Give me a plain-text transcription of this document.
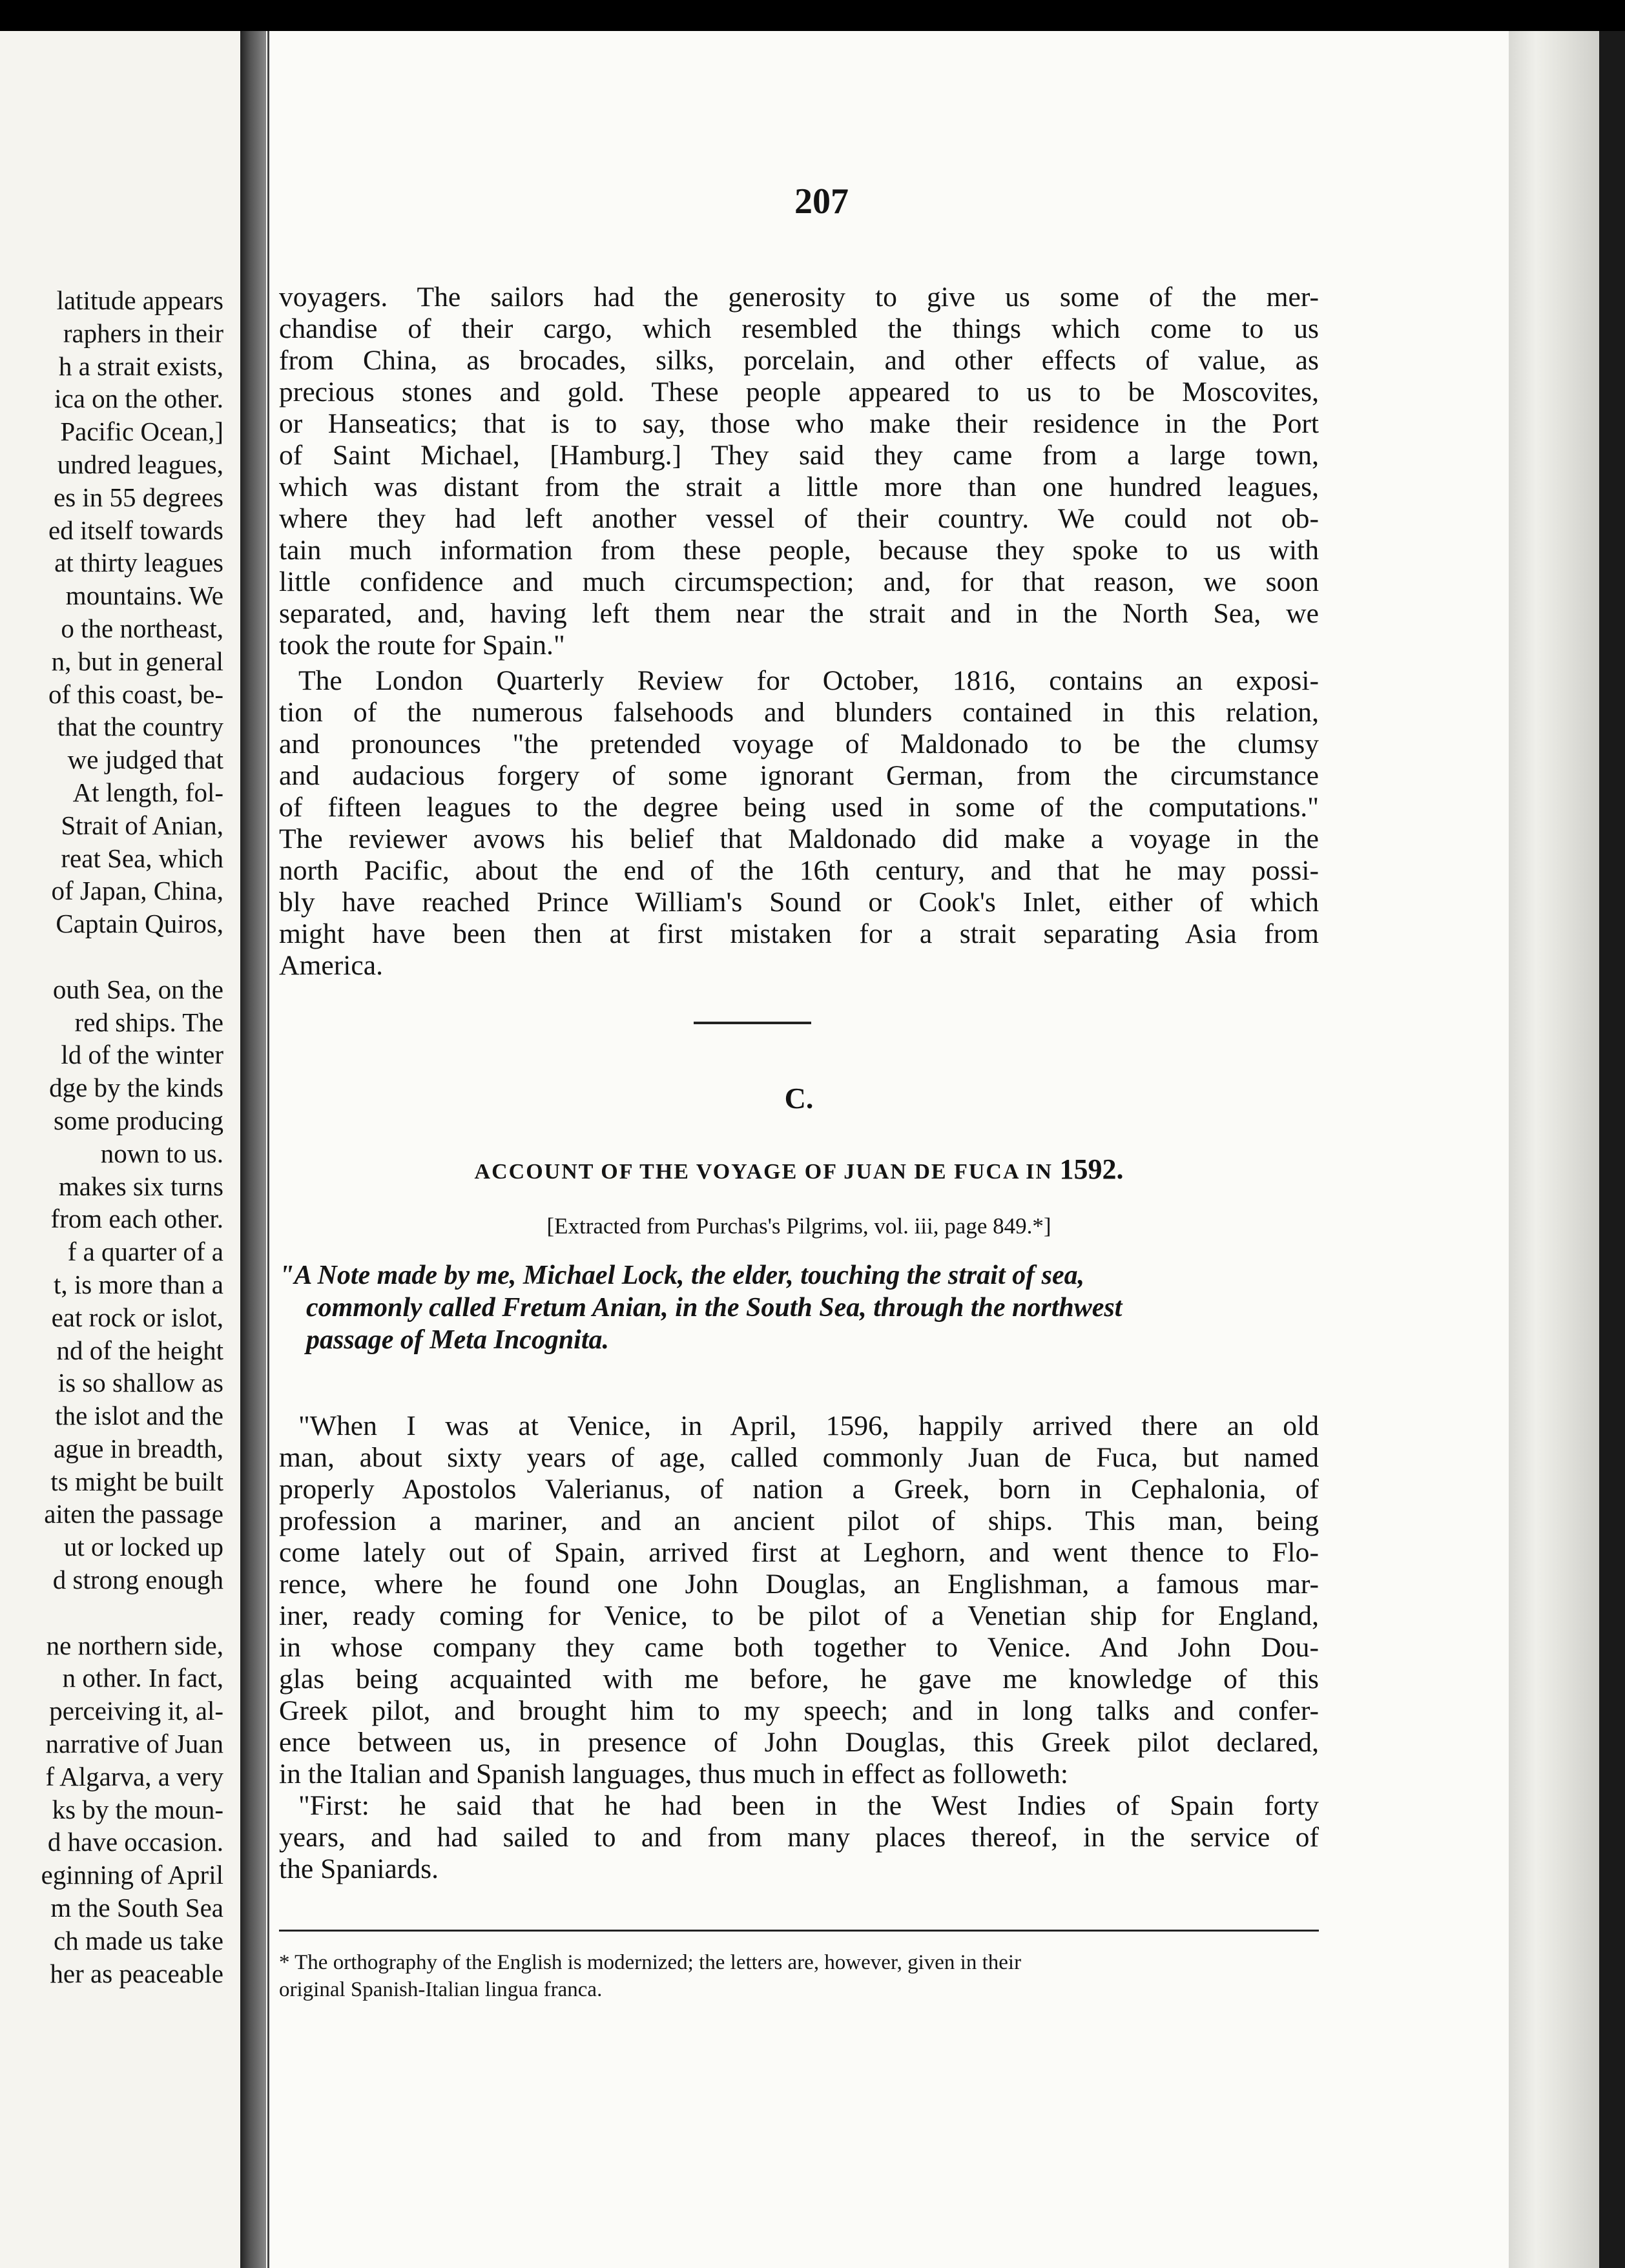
latitude appears
raphers in their
h a strait exists,
ica on the other.
Pacific Ocean,]
undred leagues,
es in 55 degrees
ed itself towards
at thirty leagues
mountains. We
o the northeast,
n, but in general
of this coast, be-
that the country
we judged that
At length, fol-
Strait of Anian,
reat Sea, which
of Japan, China,
Captain Quiros,
outh Sea, on the
red ships. The
ld of the winter
dge by the kinds
some producing
nown to us.
makes six turns
from each other.
f a quarter of a
t, is more than a
eat rock or islot,
nd of the height
is so shallow as
the islot and the
ague in breadth,
ts might be built
aiten the passage
ut or locked up
d strong enough
ne northern side,
n other. In fact,
perceiving it, al-
narrative of Juan
f Algarva, a very
ks by the moun-
d have occasion.
eginning of April
m the South Sea
ch made us take
her as peaceable
207
voyagers. The sailors had the generosity to give us some of the mer-
chandise of their cargo, which resembled the things which come to us
from China, as brocades, silks, porcelain, and other effects of value, as
precious stones and gold. These people appeared to us to be Moscovites,
or Hanseatics; that is to say, those who make their residence in the Port
of Saint Michael, [Hamburg.] They said they came from a large town,
which was distant from the strait a little more than one hundred leagues,
where they had left another vessel of their country. We could not ob-
tain much information from these people, because they spoke to us with
little confidence and much circumspection; and, for that reason, we soon
separated, and, having left them near the strait and in the North Sea, we
took the route for Spain."
The London Quarterly Review for October, 1816, contains an exposi-
tion of the numerous falsehoods and blunders contained in this relation,
and pronounces "the pretended voyage of Maldonado to be the clumsy
and audacious forgery of some ignorant German, from the circumstance
of fifteen leagues to the degree being used in some of the computations."
The reviewer avows his belief that Maldonado did make a voyage in the
north Pacific, about the end of the 16th century, and that he may possi-
bly have reached Prince William's Sound or Cook's Inlet, either of which
might have been then at first mistaken for a strait separating Asia from
America.
C.
ACCOUNT OF THE VOYAGE OF JUAN DE FUCA IN 1592.
[Extracted from Purchas's Pilgrims, vol. iii, page 849.*]
"A Note made by me, Michael Lock, the elder, touching the strait of sea,
commonly called Fretum Anian, in the South Sea, through the northwest
passage of Meta Incognita.
"When I was at Venice, in April, 1596, happily arrived there an old
man, about sixty years of age, called commonly Juan de Fuca, but named
properly Apostolos Valerianus, of nation a Greek, born in Cephalonia, of
profession a mariner, and an ancient pilot of ships. This man, being
come lately out of Spain, arrived first at Leghorn, and went thence to Flo-
rence, where he found one John Douglas, an Englishman, a famous mar-
iner, ready coming for Venice, to be pilot of a Venetian ship for England,
in whose company they came both together to Venice. And John Dou-
glas being acquainted with me before, he gave me knowledge of this
Greek pilot, and brought him to my speech; and in long talks and confer-
ence between us, in presence of John Douglas, this Greek pilot declared,
in the Italian and Spanish languages, thus much in effect as followeth:
"First: he said that he had been in the West Indies of Spain forty
years, and had sailed to and from many places thereof, in the service of
the Spaniards.
* The orthography of the English is modernized; the letters are, however, given in their
original Spanish-Italian lingua franca.
